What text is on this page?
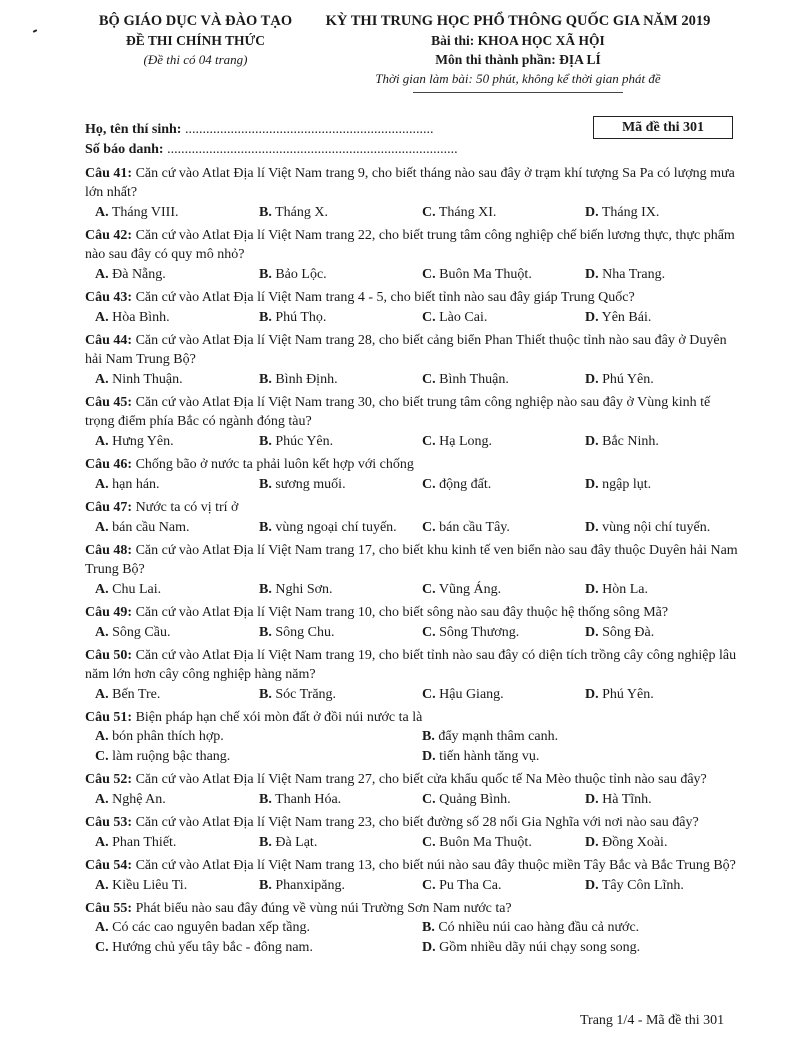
BỘ GIÁO DỤC VÀ ĐÀO TẠO
ĐỀ THI CHÍNH THỨC
(Đề thi có 04 trang)
KỲ THI TRUNG HỌC PHỔ THÔNG QUỐC GIA NĂM 2019
Bài thi: KHOA HỌC XÃ HỘI
Môn thi thành phần: ĐỊA LÍ
Thời gian làm bài: 50 phút, không kể thời gian phát đề
Họ, tên thí sinh: .......................................................................
Số báo danh: ...................................................................................
Mã đề thi 301
Câu 41: Căn cứ vào Atlat Địa lí Việt Nam trang 9, cho biết tháng nào sau đây ở trạm khí tượng Sa Pa có lượng mưa lớn nhất?
A. Tháng VIII.	B. Tháng X.	C. Tháng XI.	D. Tháng IX.
Câu 42: Căn cứ vào Atlat Địa lí Việt Nam trang 22, cho biết trung tâm công nghiệp chế biến lương thực, thực phẩm nào sau đây có quy mô nhỏ?
A. Đà Nẵng.	B. Bảo Lộc.	C. Buôn Ma Thuột.	D. Nha Trang.
Câu 43: Căn cứ vào Atlat Địa lí Việt Nam trang 4 - 5, cho biết tỉnh nào sau đây giáp Trung Quốc?
A. Hòa Bình.	B. Phú Thọ.	C. Lào Cai.	D. Yên Bái.
Câu 44: Căn cứ vào Atlat Địa lí Việt Nam trang 28, cho biết cảng biển Phan Thiết thuộc tỉnh nào sau đây ở Duyên hải Nam Trung Bộ?
A. Ninh Thuận.	B. Bình Định.	C. Bình Thuận.	D. Phú Yên.
Câu 45: Căn cứ vào Atlat Địa lí Việt Nam trang 30, cho biết trung tâm công nghiệp nào sau đây ở Vùng kinh tế trọng điểm phía Bắc có ngành đóng tàu?
A. Hưng Yên.	B. Phúc Yên.	C. Hạ Long.	D. Bắc Ninh.
Câu 46: Chống bão ở nước ta phải luôn kết hợp với chống
A. hạn hán.	B. sương muối.	C. động đất.	D. ngập lụt.
Câu 47: Nước ta có vị trí ở
A. bán cầu Nam.	B. vùng ngoại chí tuyến. C. bán cầu Tây.	D. vùng nội chí tuyến.
Câu 48: Căn cứ vào Atlat Địa lí Việt Nam trang 17, cho biết khu kinh tế ven biển nào sau đây thuộc Duyên hải Nam Trung Bộ?
A. Chu Lai.	B. Nghi Sơn.	C. Vũng Áng.	D. Hòn La.
Câu 49: Căn cứ vào Atlat Địa lí Việt Nam trang 10, cho biết sông nào sau đây thuộc hệ thống sông Mã?
A. Sông Cầu.	B. Sông Chu.	C. Sông Thương.	D. Sông Đà.
Câu 50: Căn cứ vào Atlat Địa lí Việt Nam trang 19, cho biết tỉnh nào sau đây có diện tích trồng cây công nghiệp lâu năm lớn hơn cây công nghiệp hàng năm?
A. Bến Tre.	B. Sóc Trăng.	C. Hậu Giang.	D. Phú Yên.
Câu 51: Biện pháp hạn chế xói mòn đất ở đồi núi nước ta là
A. bón phân thích hợp.	B. đẩy mạnh thâm canh.
C. làm ruộng bậc thang.	D. tiến hành tăng vụ.
Câu 52: Căn cứ vào Atlat Địa lí Việt Nam trang 27, cho biết cửa khẩu quốc tế Na Mèo thuộc tỉnh nào sau đây?
A. Nghệ An.	B. Thanh Hóa.	C. Quảng Bình.	D. Hà Tĩnh.
Câu 53: Căn cứ vào Atlat Địa lí Việt Nam trang 23, cho biết đường số 28 nối Gia Nghĩa với nơi nào sau đây?
A. Phan Thiết.	B. Đà Lạt.	C. Buôn Ma Thuột.	D. Đồng Xoài.
Câu 54: Căn cứ vào Atlat Địa lí Việt Nam trang 13, cho biết núi nào sau đây thuộc miền Tây Bắc và Bắc Trung Bộ?
A. Kiều Liêu Ti.	B. Phanxipăng.	C. Pu Tha Ca.	D. Tây Côn Lĩnh.
Câu 55: Phát biểu nào sau đây đúng về vùng núi Trường Sơn Nam nước ta?
A. Có các cao nguyên badan xếp tầng.	B. Có nhiều núi cao hàng đầu cả nước.
C. Hướng chủ yếu tây bắc - đông nam.	D. Gồm nhiều dãy núi chạy song song.
Trang 1/4 - Mã đề thi 301
